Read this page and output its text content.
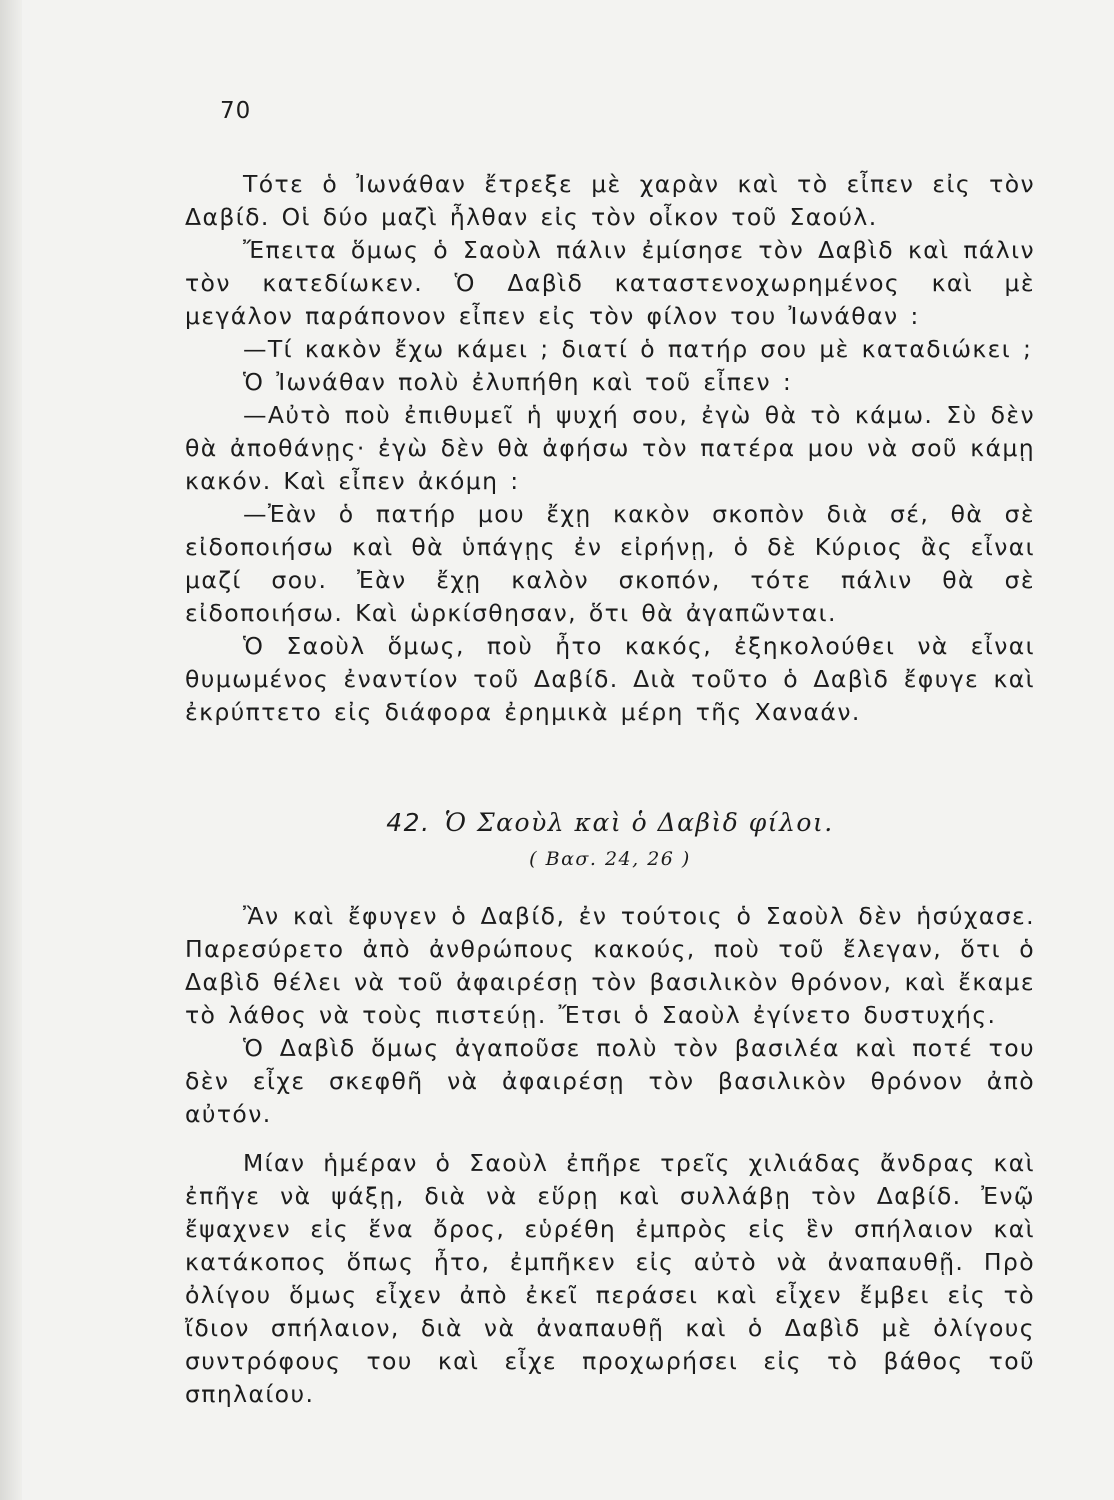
70

Τότε ὁ Ἰωνάθαν ἔτρεξε μὲ χαρὰν καὶ τὸ εἶπεν εἰς τὸν Δαβίδ. Οἱ δύο μαζὶ ἦλθαν εἰς τὸν οἶκον τοῦ Σαούλ.

Ἔπειτα ὅμως ὁ Σαοὺλ πάλιν ἐμίσησε τὸν Δαβὶδ καὶ πάλιν τὸν κατεδίωκεν. Ὁ Δαβὶδ καταστενοχωρημένος καὶ μὲ μεγάλον παράπονον εἶπεν εἰς τὸν φίλον του Ἰωνάθαν :

—Τί κακὸν ἔχω κάμει ; διατί ὁ πατήρ σου μὲ καταδιώκει ;

Ὁ Ἰωνάθαν πολὺ ἐλυπήθη καὶ τοῦ εἶπεν :

—Αὐτὸ ποὺ ἐπιθυμεῖ ἡ ψυχή σου, ἐγὼ θὰ τὸ κάμω. Σὺ δὲν θὰ ἀποθάνῃς· ἐγὼ δὲν θὰ ἀφήσω τὸν πατέρα μου νὰ σοῦ κάμῃ κακόν. Καὶ εἶπεν ἀκόμη :

—Ἐὰν ὁ πατήρ μου ἔχῃ κακὸν σκοπὸν διὰ σέ, θὰ σὲ εἰδοποιήσω καὶ θὰ ὑπάγῃς ἐν εἰρήνῃ, ὁ δὲ Κύριος ἂς εἶναι μαζί σου. Ἐὰν ἔχῃ καλὸν σκοπόν, τότε πάλιν θὰ σὲ εἰδοποιήσω. Καὶ ὡρκίσθησαν, ὅτι θὰ ἀγαπῶνται.

Ὁ Σαοὺλ ὅμως, ποὺ ἦτο κακός, ἐξηκολούθει νὰ εἶναι θυμωμένος ἐναντίον τοῦ Δαβίδ. Διὰ τοῦτο ὁ Δαβὶδ ἔφυγε καὶ ἐκρύπτετο εἰς διάφορα ἐρημικὰ μέρη τῆς Χαναάν.

42. Ὁ Σαοὺλ καὶ ὁ Δαβὶδ φίλοι.
( Βασ. 24, 26 )

Ἂν καὶ ἔφυγεν ὁ Δαβίδ, ἐν τούτοις ὁ Σαοὺλ δὲν ἡσύχασε. Παρεσύρετο ἀπὸ ἀνθρώπους κακούς, ποὺ τοῦ ἔλεγαν, ὅτι ὁ Δαβὶδ θέλει νὰ τοῦ ἀφαιρέσῃ τὸν βασιλικὸν θρόνον, καὶ ἔκαμε τὸ λάθος νὰ τοὺς πιστεύῃ. Ἔτσι ὁ Σαοὺλ ἐγίνετο δυστυχής.

Ὁ Δαβὶδ ὅμως ἀγαποῦσε πολὺ τὸν βασιλέα καὶ ποτέ του δὲν εἶχε σκεφθῆ νὰ ἀφαιρέσῃ τὸν βασιλικὸν θρόνον ἀπὸ αὐτόν.

Μίαν ἡμέραν ὁ Σαοὺλ ἐπῆρε τρεῖς χιλιάδας ἄνδρας καὶ ἐπῆγε νὰ ψάξῃ, διὰ νὰ εὕρῃ καὶ συλλάβῃ τὸν Δαβίδ. Ἐνῷ ἔψαχνεν εἰς ἕνα ὄρος, εὑρέθη ἐμπρὸς εἰς ἓν σπήλαιον καὶ κατάκοπος ὅπως ἦτο, ἐμπῆκεν εἰς αὐτὸ νὰ ἀναπαυθῇ. Πρὸ ὀλίγου ὅμως εἶχεν ἀπὸ ἐκεῖ περάσει καὶ εἶχεν ἔμβει εἰς τὸ ἴδιον σπήλαιον, διὰ νὰ ἀναπαυθῇ καὶ ὁ Δαβὶδ μὲ ὀλίγους συντρόφους του καὶ εἶχε προχωρήσει εἰς τὸ βάθος τοῦ σπηλαίου.
